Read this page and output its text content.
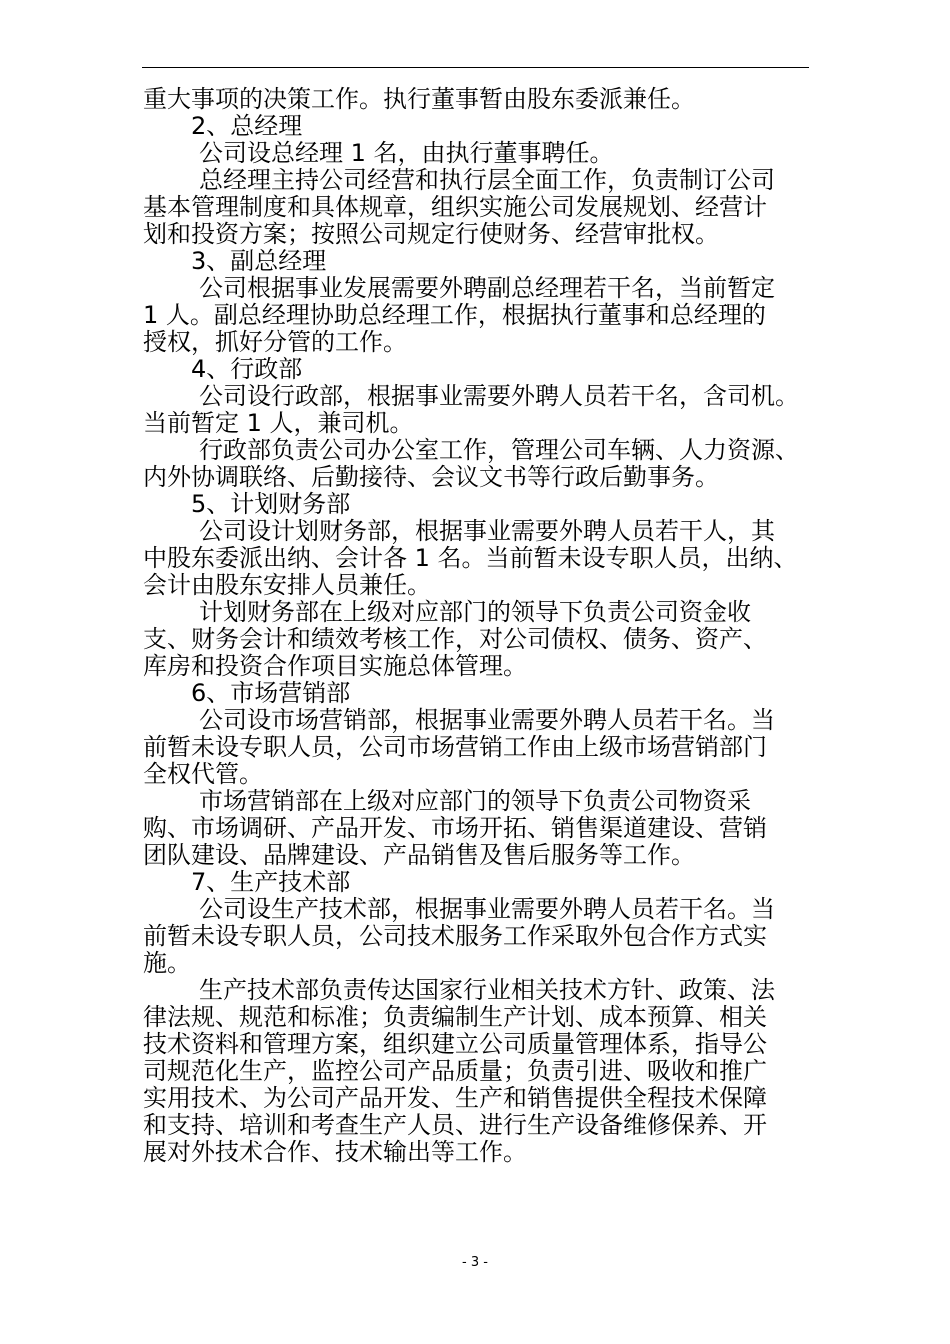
重大事项的决策工作。执行董事暂由股东委派兼任。
2、总经理
公司设总经理 1 名，由执行董事聘任。
总经理主持公司经营和执行层全面工作，负责制订公司
基本管理制度和具体规章，组织实施公司发展规划、经营计
划和投资方案；按照公司规定行使财务、经营审批权。
3、副总经理
公司根据事业发展需要外聘副总经理若干名，当前暂定
1 人。副总经理协助总经理工作，根据执行董事和总经理的
授权，抓好分管的工作。
4、行政部
公司设行政部，根据事业需要外聘人员若干名，含司机。
当前暂定 1 人，兼司机。
行政部负责公司办公室工作，管理公司车辆、人力资源、
内外协调联络、后勤接待、会议文书等行政后勤事务。
5、计划财务部
公司设计划财务部，根据事业需要外聘人员若干人，其
中股东委派出纳、会计各 1 名。当前暂未设专职人员，出纳、
会计由股东安排人员兼任。
计划财务部在上级对应部门的领导下负责公司资金收
支、财务会计和绩效考核工作，对公司债权、债务、资产、
库房和投资合作项目实施总体管理。
6、市场营销部
公司设市场营销部，根据事业需要外聘人员若干名。当
前暂未设专职人员，公司市场营销工作由上级市场营销部门
全权代管。
市场营销部在上级对应部门的领导下负责公司物资采
购、市场调研、产品开发、市场开拓、销售渠道建设、营销
团队建设、品牌建设、产品销售及售后服务等工作。
7、生产技术部
公司设生产技术部，根据事业需要外聘人员若干名。当
前暂未设专职人员，公司技术服务工作采取外包合作方式实
施。
生产技术部负责传达国家行业相关技术方针、政策、法
律法规、规范和标准；负责编制生产计划、成本预算、相关
技术资料和管理方案，组织建立公司质量管理体系，指导公
司规范化生产，监控公司产品质量；负责引进、吸收和推广
实用技术、为公司产品开发、生产和销售提供全程技术保障
和支持、培训和考查生产人员、进行生产设备维修保养、开
展对外技术合作、技术输出等工作。
- 3 -
